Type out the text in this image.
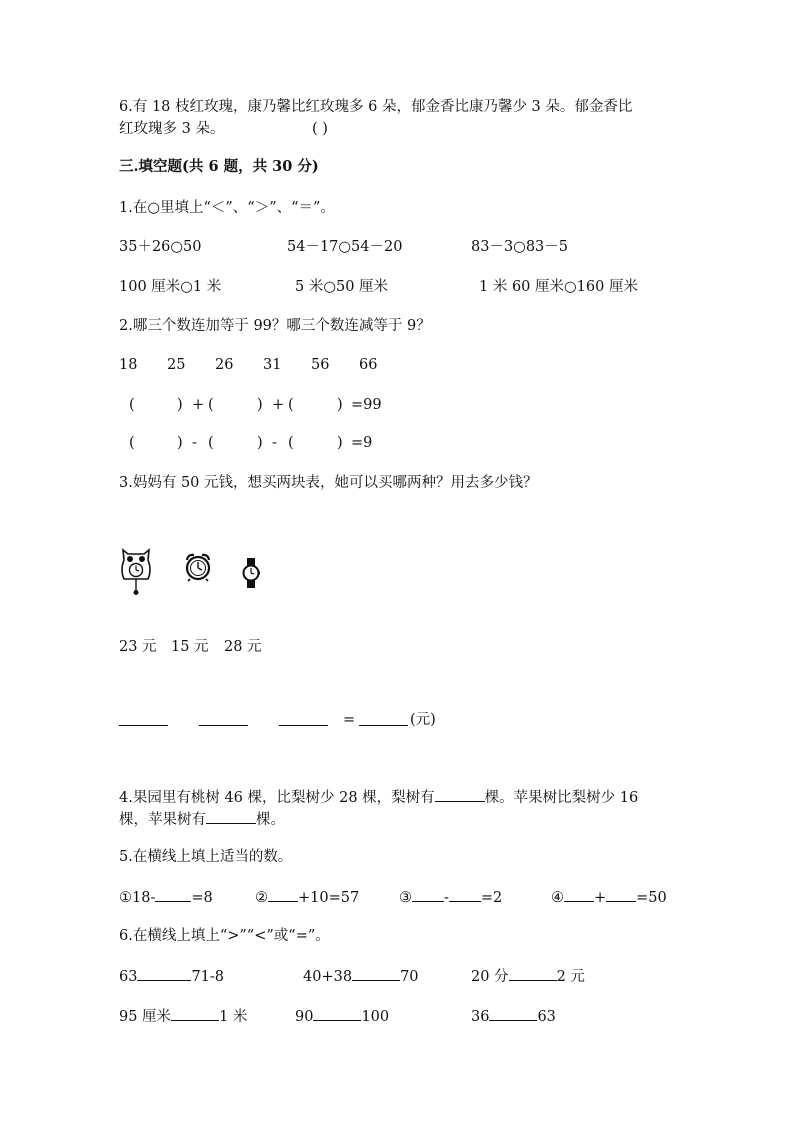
6.有 18 枝红玫瑰，康乃馨比红玫瑰多 6 朵，郁金香比康乃馨少 3 朵。郁金香比
红玫瑰多 3 朵。	( )
三.填空题(共 6 题，共 30 分)
1.在○里填上“＜”、“＞”、“＝”。
35＋26○50	54－17○54－20	83－3○83－5
100 厘米○1 米	5 米○50 厘米	1 米 60 厘米○160 厘米
2.哪三个数连加等于 99？哪三个数连减等于 9？
18 25 26 31 56 66
(	) + (	) + (	) =99
(	) - (	) - (	) =9
3.妈妈有 50 元钱，想买两块表，她可以买哪两种？用去多少钱？
23 元 15 元 28 元
=	(元)
4.果园里有桃树 46 棵，比梨树少 28 棵，梨树有	棵。苹果树比梨树少 16
棵，苹果树有	棵。
5.在横线上填上适当的数。
①18- =8	② +10=57	③ - =2	④ + =50
6.在横线上填上“>”“<”或“=”。
63	71-8	40+38	70	20 分	2 元
95 厘米	1 米	90	100	36	63
